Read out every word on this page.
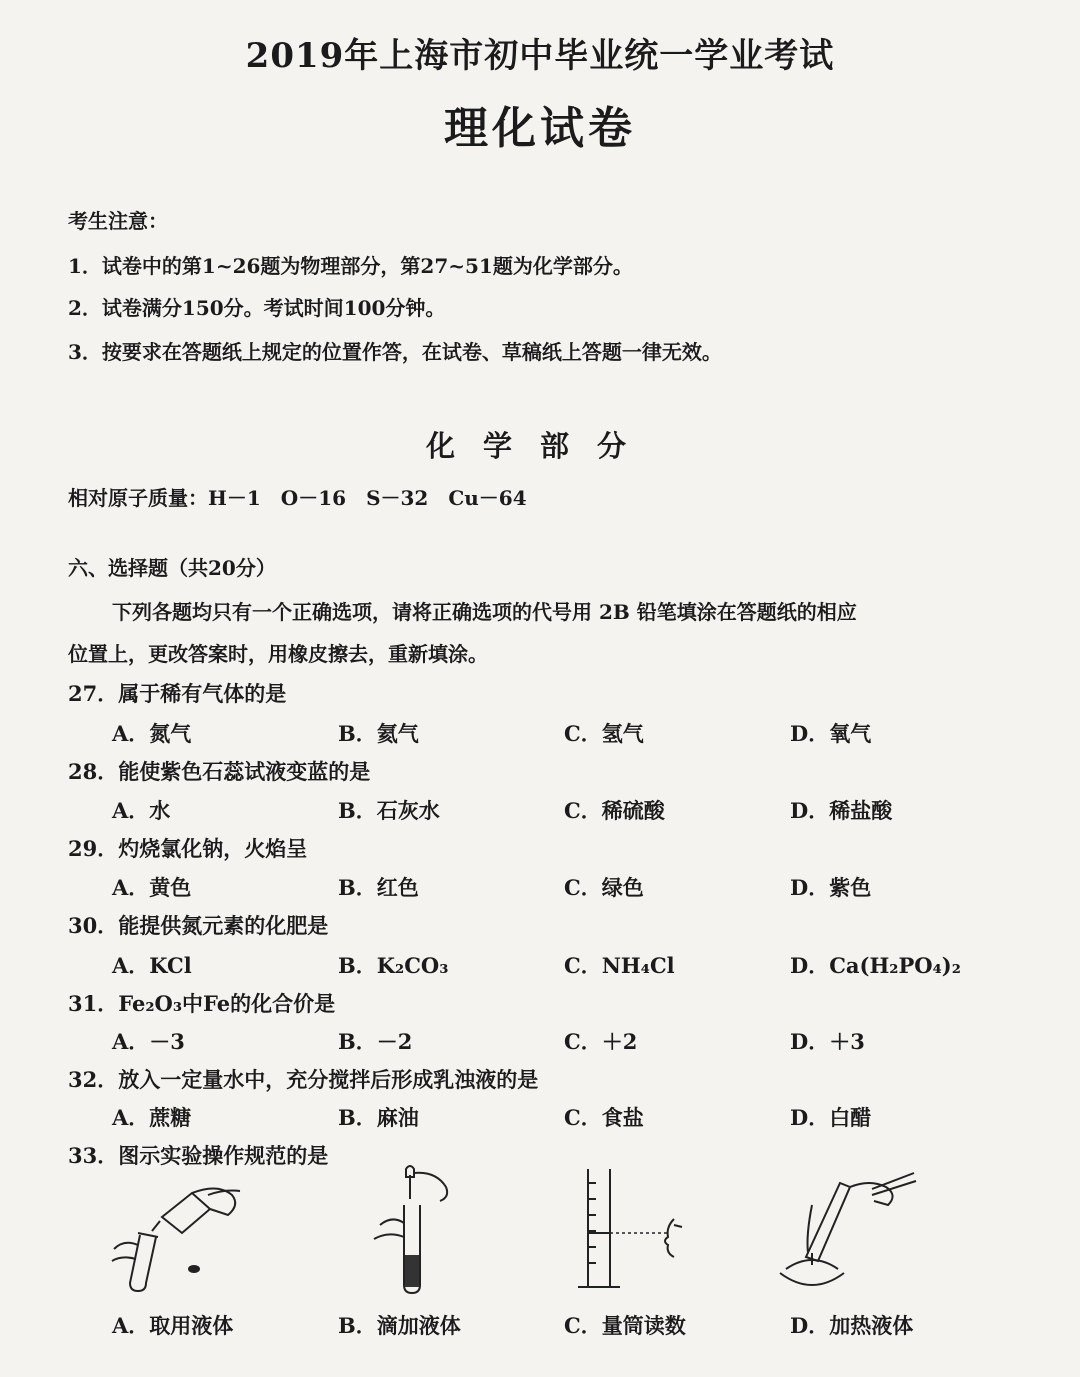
2019年上海市初中毕业统一学业考试
理化试卷
考生注意：
1．试卷中的第1~26题为物理部分，第27~51题为化学部分。
2．试卷满分150分。考试时间100分钟。
3．按要求在答题纸上规定的位置作答，在试卷、草稿纸上答题一律无效。
化学部分
相对原子质量：H－1　O－16　S－32　Cu－64
六、选择题（共20分）
下列各题均只有一个正确选项，请将正确选项的代号用 2B 铅笔填涂在答题纸的相应
位置上，更改答案时，用橡皮擦去，重新填涂。
27．属于稀有气体的是
A．氮气	B．氦气	C．氢气	D．氧气
28．能使紫色石蕊试液变蓝的是
A．水	B．石灰水	C．稀硫酸	D．稀盐酸
29．灼烧氯化钠，火焰呈
A．黄色	B．红色	C．绿色	D．紫色
30．能提供氮元素的化肥是
A．KCl	B．K₂CO₃	C．NH₄Cl	D．Ca(H₂PO₄)₂
31．Fe₂O₃中Fe的化合价是
A．－3	B．－2	C．＋2	D．＋3
32．放入一定量水中，充分搅拌后形成乳浊液的是
A．蔗糖	B．麻油	C．食盐	D．白醋
33．图示实验操作规范的是
A．取用液体	B．滴加液体	C．量筒读数	D．加热液体
